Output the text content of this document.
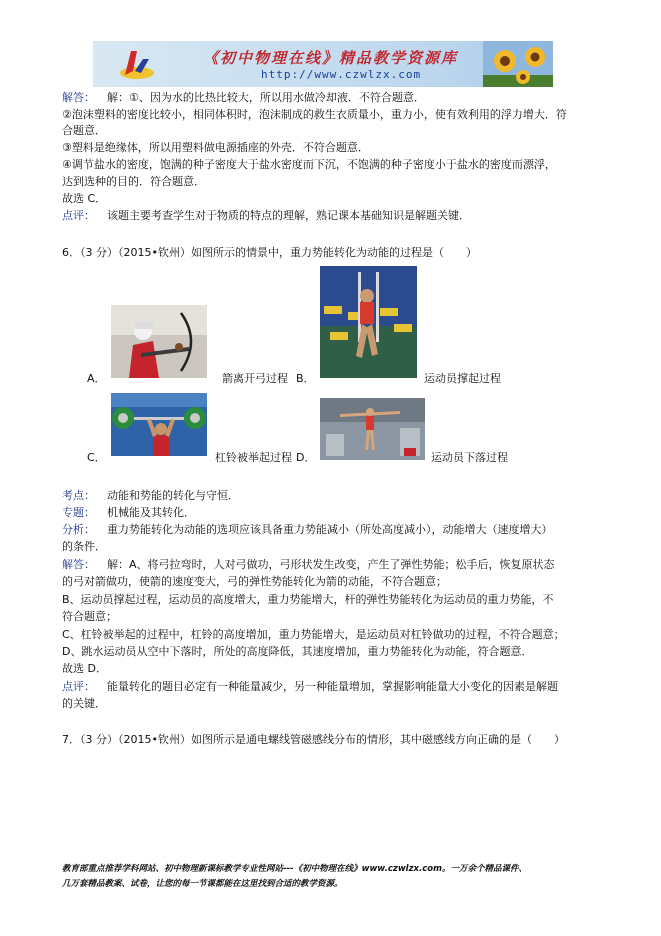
《初中物理在线》精品教学资源库
http://www.czwlzx.com
解答： 解：①、因为水的比热比较大，所以用水做冷却液．不符合题意．
②泡沫塑料的密度比较小，相同体积时，泡沫制成的救生衣质量小，重力小，使有效利用的浮力增大．符
合题意．
③塑料是绝缘体，所以用塑料做电源插座的外壳．不符合题意．
④调节盐水的密度，饱满的种子密度大于盐水密度而下沉，不饱满的种子密度小于盐水的密度而漂浮，
达到选种的目的．符合题意．
故选 C．
点评： 该题主要考查学生对于物质的特点的理解，熟记课本基础知识是解题关键．
6．（3 分）（2015•钦州）如图所示的情景中，重力势能转化为动能的过程是（　　）
A．	箭离开弓过程 B．	运动员撑起过程
C．	杠铃被举起过程 D．	运动员下落过程
考点： 动能和势能的转化与守恒．
专题： 机械能及其转化．
分析： 重力势能转化为动能的选项应该具备重力势能减小（所处高度减小），动能增大（速度增大）
的条件．
解答： 解：A、将弓拉弯时，人对弓做功，弓形状发生改变，产生了弹性势能；松手后，恢复原状态
的弓对箭做功，使箭的速度变大，弓的弹性势能转化为箭的动能，不符合题意；
B、运动员撑起过程，运动员的高度增大，重力势能增大，杆的弹性势能转化为运动员的重力势能，不
符合题意；
C、杠铃被举起的过程中，杠铃的高度增加，重力势能增大，是运动员对杠铃做功的过程，不符合题意；
D、跳水运动员从空中下落时，所处的高度降低，其速度增加，重力势能转化为动能，符合题意．
故选 D．
点评： 能量转化的题目必定有一种能量减少，另一种能量增加，掌握影响能量大小变化的因素是解题
的关键．
7．（3 分）（2015•钦州）如图所示是通电螺线管磁感线分布的情形，其中磁感线方向正确的是（　　）
教育部重点推荐学科网站、初中物理新课标教学专业性网站---《初中物理在线》www.czwlzx.com。一万余个精品课件、
几万套精品教案、试卷，让您的每一节课都能在这里找到合适的教学资源。
